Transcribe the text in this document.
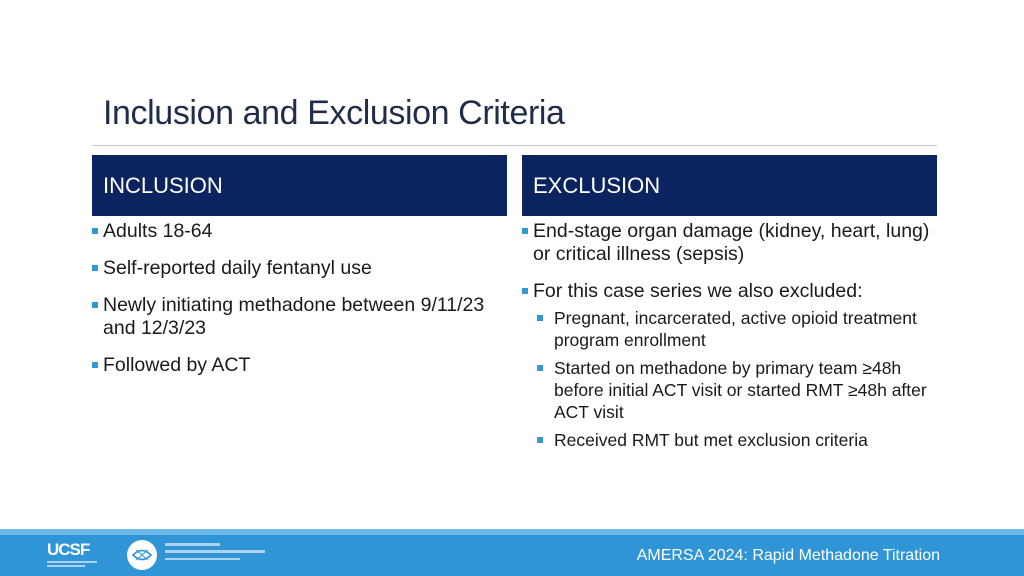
Inclusion and Exclusion Criteria
INCLUSION	EXCLUSION
Adults 18-64
Self-reported daily fentanyl use
Newly initiating methadone between 9/11/23 and 12/3/23
Followed by ACT
End-stage organ damage (kidney, heart, lung) or critical illness (sepsis)
For this case series we also excluded:
Pregnant, incarcerated, active opioid treatment program enrollment
Started on methadone by primary team ≥48h before initial ACT visit or started RMT ≥48h after ACT visit
Received RMT but met exclusion criteria
UCSF	AMERSA 2024: Rapid Methadone Titration
